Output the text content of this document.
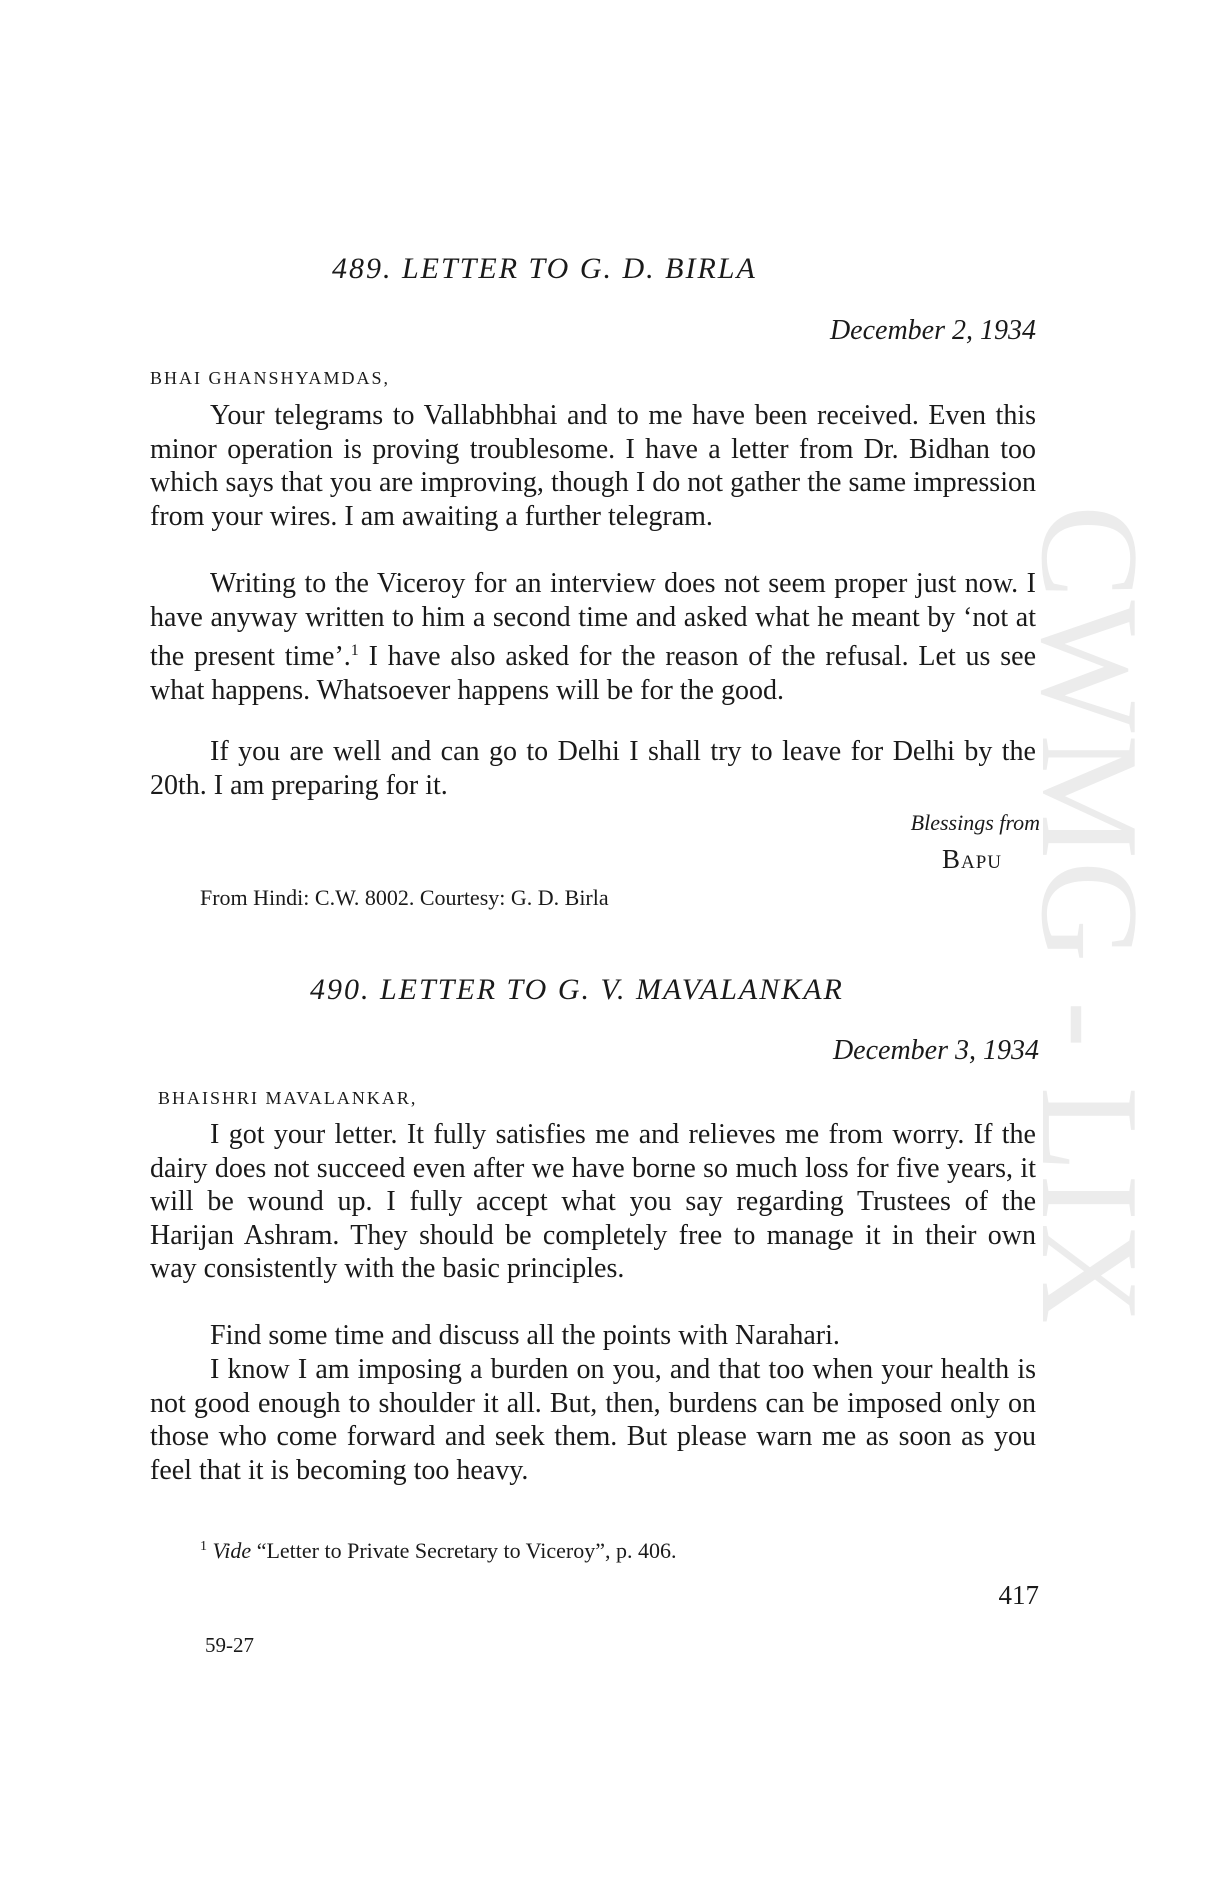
CWMG - LIX
489. LETTER TO G. D. BIRLA
December 2, 1934
BHAI GHANSHYAMDAS,

Your telegrams to Vallabhbhai and to me have been received. Even this minor operation is proving troublesome. I have a letter from Dr. Bidhan too which says that you are improving, though I do not gather the same impression from your wires. I am awaiting a further telegram.

Writing to the Viceroy for an interview does not seem proper just now. I have anyway written to him a second time and asked what he meant by ‘not at the present time’.$^1$ I have also asked for the reason of the refusal. Let us see what happens. Whatsoever happens will be for the good.

If you are well and can go to Delhi I shall try to leave for Delhi by the 20th. I am preparing for it.

Blessings from
Bapu
From Hindi: C.W. 8002. Courtesy: G. D. Birla
490. LETTER TO G. V. MAVALANKAR
December 3, 1934
BHAISHRI MAVALANKAR,

I got your letter. It fully satisfies me and relieves me from worry. If the dairy does not succeed even after we have borne so much loss for five years, it will be wound up. I fully accept what you say regarding Trustees of the Harijan Ashram. They should be completely free to manage it in their own way consistently with the basic principles.

Find some time and discuss all the points with Narahari.

I know I am imposing a burden on you, and that too when your health is not good enough to shoulder it all. But, then, burdens can be imposed only on those who come forward and seek them. But please warn me as soon as you feel that it is becoming too heavy.

$^1$ Vide “Letter to Private Secretary to Viceroy”, p. 406.
417
59-27
